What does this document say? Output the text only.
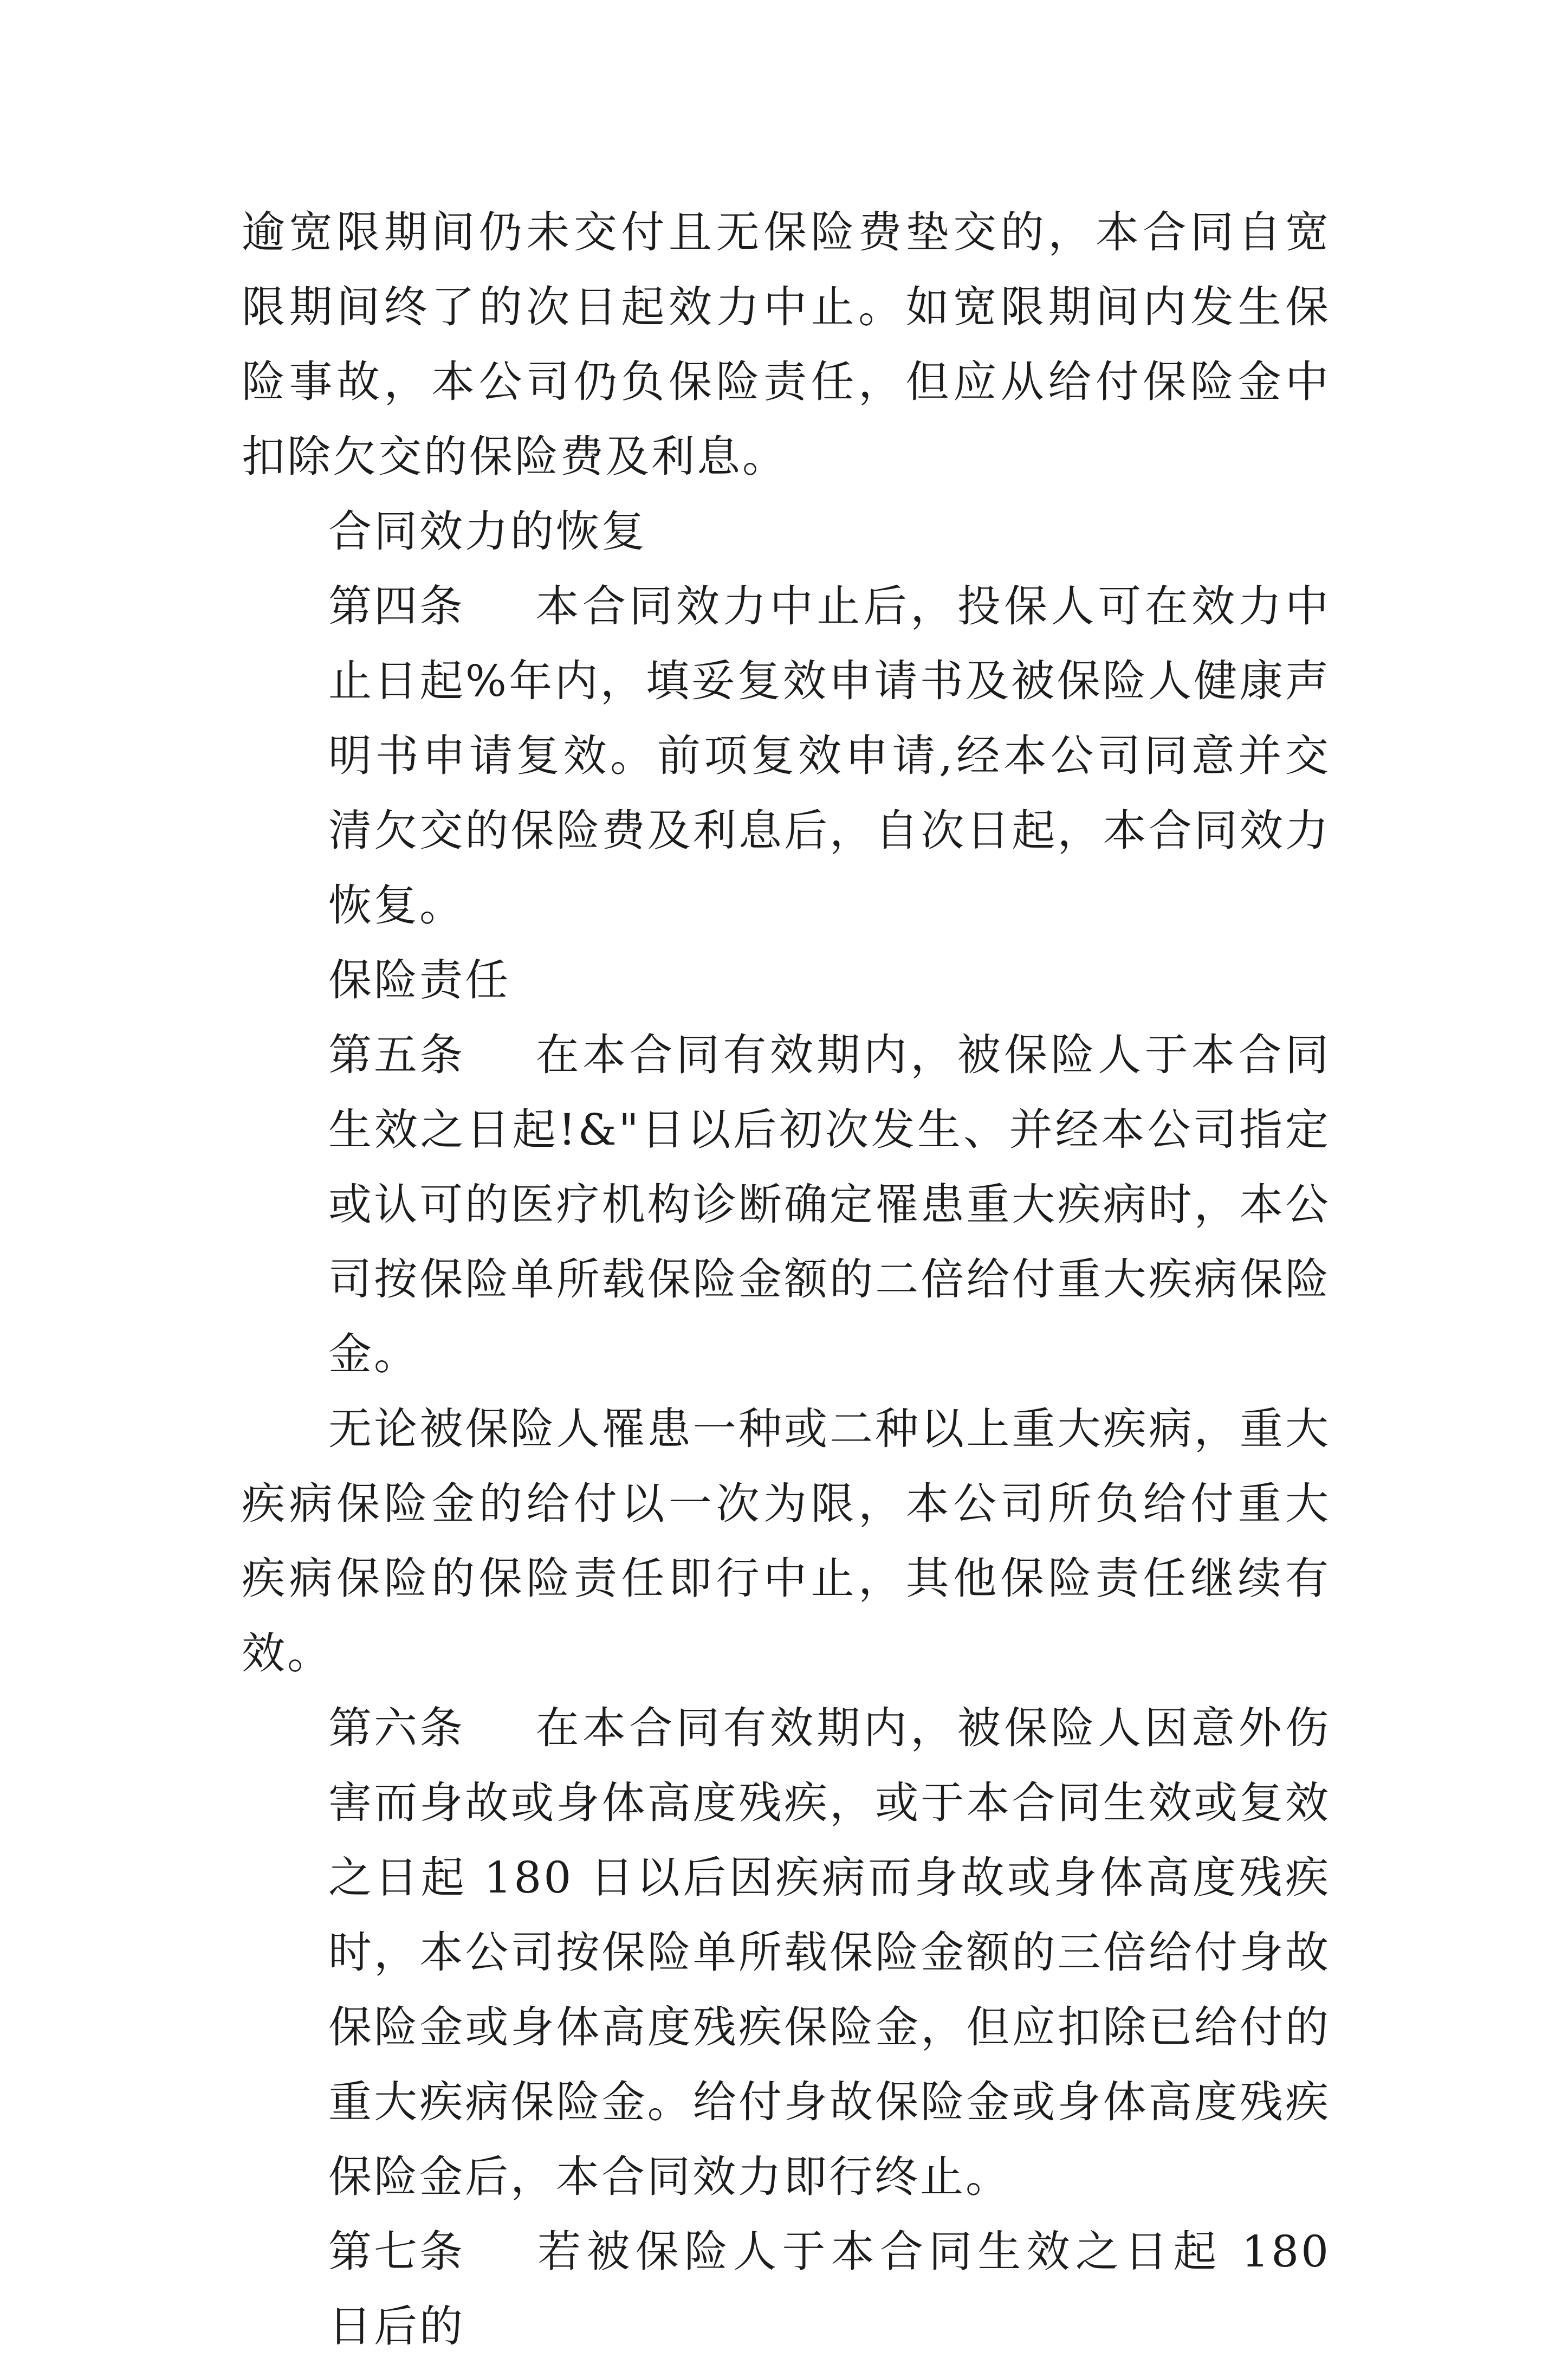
逾宽限期间仍未交付且无保险费垫交的，本合同自宽限期间终了的次日起效力中止。如宽限期间内发生保险事故，本公司仍负保险责任，但应从给付保险金中扣除欠交的保险费及利息。

合同效力的恢复

第四条 本合同效力中止后，投保人可在效力中止日起%年内，填妥复效申请书及被保险人健康声明书申请复效。前项复效申请,经本公司同意并交清欠交的保险费及利息后，自次日起，本合同效力恢复。

保险责任

第五条 在本合同有效期内，被保险人于本合同生效之日起!&"日以后初次发生、并经本公司指定或认可的医疗机构诊断确定罹患重大疾病时，本公司按保险单所载保险金额的二倍给付重大疾病保险金。

无论被保险人罹患一种或二种以上重大疾病，重大疾病保险金的给付以一次为限，本公司所负给付重大疾病保险的保险责任即行中止，其他保险责任继续有效。

第六条 在本合同有效期内，被保险人因意外伤害而身故或身体高度残疾，或于本合同生效或复效之日起 180 日以后因疾病而身故或身体高度残疾时，本公司按保险单所载保险金额的三倍给付身故保险金或身体高度残疾保险金，但应扣除已给付的重大疾病保险金。给付身故保险金或身体高度残疾保险金后，本合同效力即行终止。

第七条 若被保险人于本合同生效之日起 180 日后的
